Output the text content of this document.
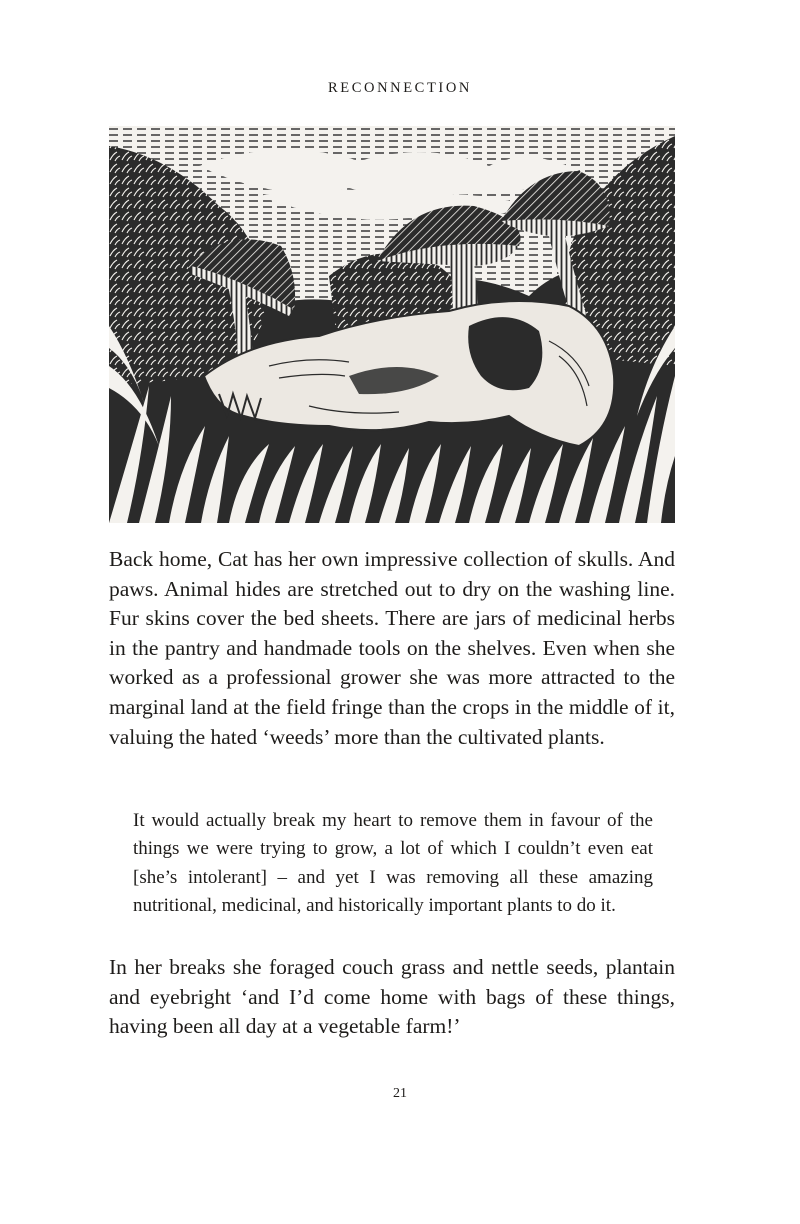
RECONNECTION

Back home, Cat has her own impressive collection of skulls. And paws. Animal hides are stretched out to dry on the washing line. Fur skins cover the bed sheets. There are jars of medicinal herbs in the pantry and handmade tools on the shelves. Even when she worked as a professional grower she was more attracted to the marginal land at the field fringe than the crops in the middle of it, valuing the hated ‘weeds’ more than the cultivated plants.

It would actually break my heart to remove them in favour of the things we were trying to grow, a lot of which I couldn’t even eat [she’s intolerant] – and yet I was removing all these amazing nutritional, medicinal, and historically important plants to do it.

In her breaks she foraged couch grass and nettle seeds, plantain and eyebright ‘and I’d come home with bags of these things, having been all day at a vegetable farm!’

21
